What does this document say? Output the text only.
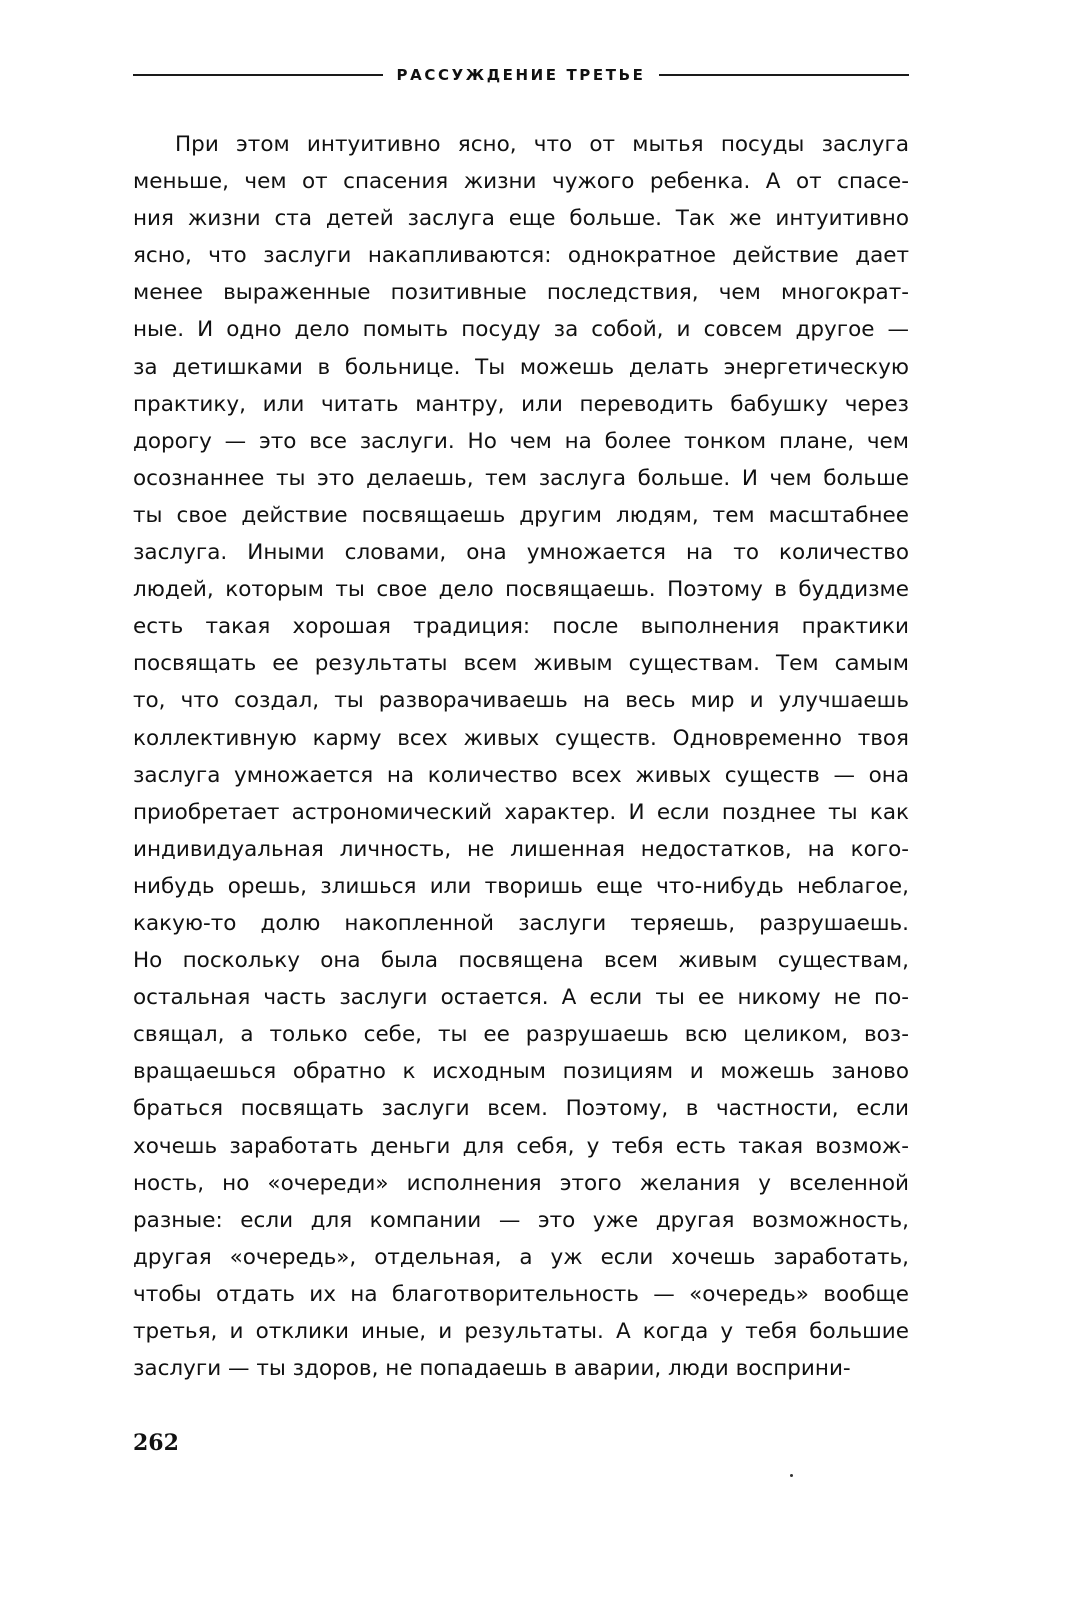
РАССУЖДЕНИЕ ТРЕТЬЕ
При этом интуитивно ясно, что от мытья посуды заслуга
меньше, чем от спасения жизни чужого ребенка. А от спасе-
ния жизни ста детей заслуга еще больше. Так же интуитивно
ясно, что заслуги накапливаются: однократное действие дает
менее выраженные позитивные последствия, чем многократ-
ные. И одно дело помыть посуду за собой, и совсем другое —
за детишками в больнице. Ты можешь делать энергетическую
практику, или читать мантру, или переводить бабушку через
дорогу — это все заслуги. Но чем на более тонком плане, чем
осознаннее ты это делаешь, тем заслуга больше. И чем больше
ты свое действие посвящаешь другим людям, тем масштабнее
заслуга. Иными словами, она умножается на то количество
людей, которым ты свое дело посвящаешь. Поэтому в буддизме
есть такая хорошая традиция: после выполнения практики
посвящать ее результаты всем живым существам. Тем самым
то, что создал, ты разворачиваешь на весь мир и улучшаешь
коллективную карму всех живых существ. Одновременно твоя
заслуга умножается на количество всех живых существ — она
приобретает астрономический характер. И если позднее ты как
индивидуальная личность, не лишенная недостатков, на кого-
нибудь орешь, злишься или творишь еще что-нибудь неблагое,
какую-то долю накопленной заслуги теряешь, разрушаешь.
Но поскольку она была посвящена всем живым существам,
остальная часть заслуги остается. А если ты ее никому не по-
свящал, а только себе, ты ее разрушаешь всю целиком, воз-
вращаешься обратно к исходным позициям и можешь заново
браться посвящать заслуги всем. Поэтому, в частности, если
хочешь заработать деньги для себя, у тебя есть такая возмож-
ность, но «очереди» исполнения этого желания у вселенной
разные: если для компании — это уже другая возможность,
другая «очередь», отдельная, а уж если хочешь заработать,
чтобы отдать их на благотворительность — «очередь» вообще
третья, и отклики иные, и результаты. А когда у тебя большие
заслуги — ты здоров, не попадаешь в аварии, люди восприни-
262
